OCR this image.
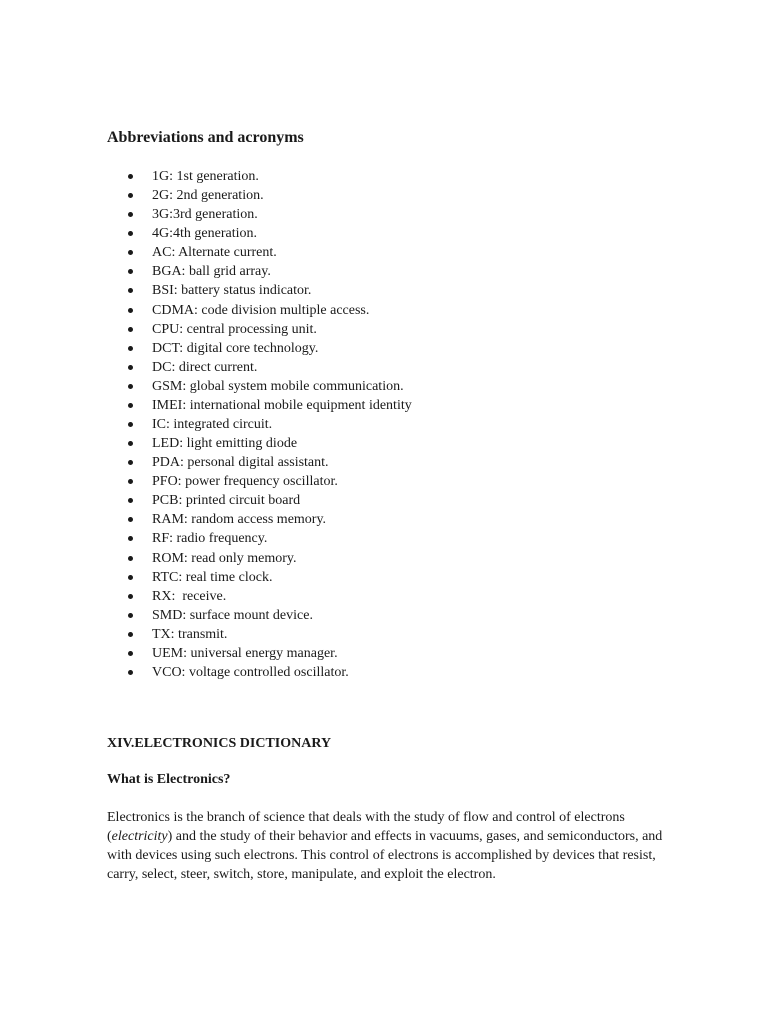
Abbreviations and acronyms
1G: 1st generation.
2G: 2nd generation.
3G:3rd generation.
4G:4th generation.
AC: Alternate current.
BGA: ball grid array.
BSI: battery status indicator.
CDMA: code division multiple access.
CPU: central processing unit.
DCT: digital core technology.
DC: direct current.
GSM: global system mobile communication.
IMEI: international mobile equipment identity
IC: integrated circuit.
LED: light emitting diode
PDA: personal digital assistant.
PFO: power frequency oscillator.
PCB: printed circuit board
RAM: random access memory.
RF: radio frequency.
ROM: read only memory.
RTC: real time clock.
RX:  receive.
SMD: surface mount device.
TX: transmit.
UEM: universal energy manager.
VCO: voltage controlled oscillator.
XIV.ELECTRONICS DICTIONARY
What is Electronics?

Electronics is the branch of science that deals with the study of flow and control of electrons
(electricity) and the study of their behavior and effects in vacuums, gases, and semiconductors, and
with devices using such electrons. This control of electrons is accomplished by devices that resist,
carry, select, steer, switch, store, manipulate, and exploit the electron.
